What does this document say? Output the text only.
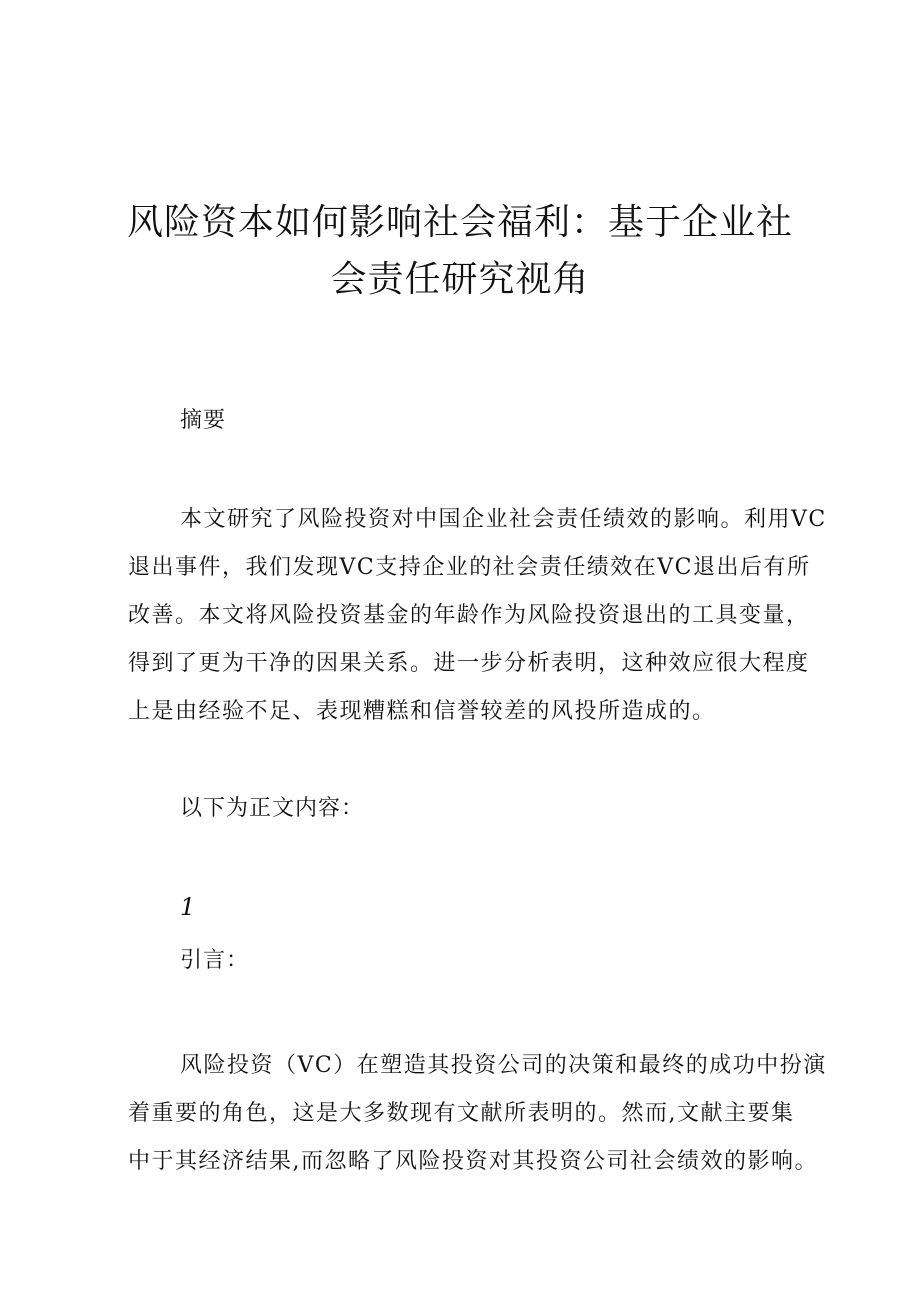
风险资本如何影响社会福利：基于企业社
会责任研究视角
摘要
本文研究了风险投资对中国企业社会责任绩效的影响。利用VC
退出事件，我们发现VC支持企业的社会责任绩效在VC退出后有所
改善。本文将风险投资基金的年龄作为风险投资退出的工具变量，
得到了更为干净的因果关系。进一步分析表明，这种效应很大程度
上是由经验不足、表现糟糕和信誉较差的风投所造成的。
以下为正文内容：
1
引言：
风险投资（VC）在塑造其投资公司的决策和最终的成功中扮演
着重要的角色，这是大多数现有文献所表明的。然而,文献主要集
中于其经济结果,而忽略了风险投资对其投资公司社会绩效的影响。
